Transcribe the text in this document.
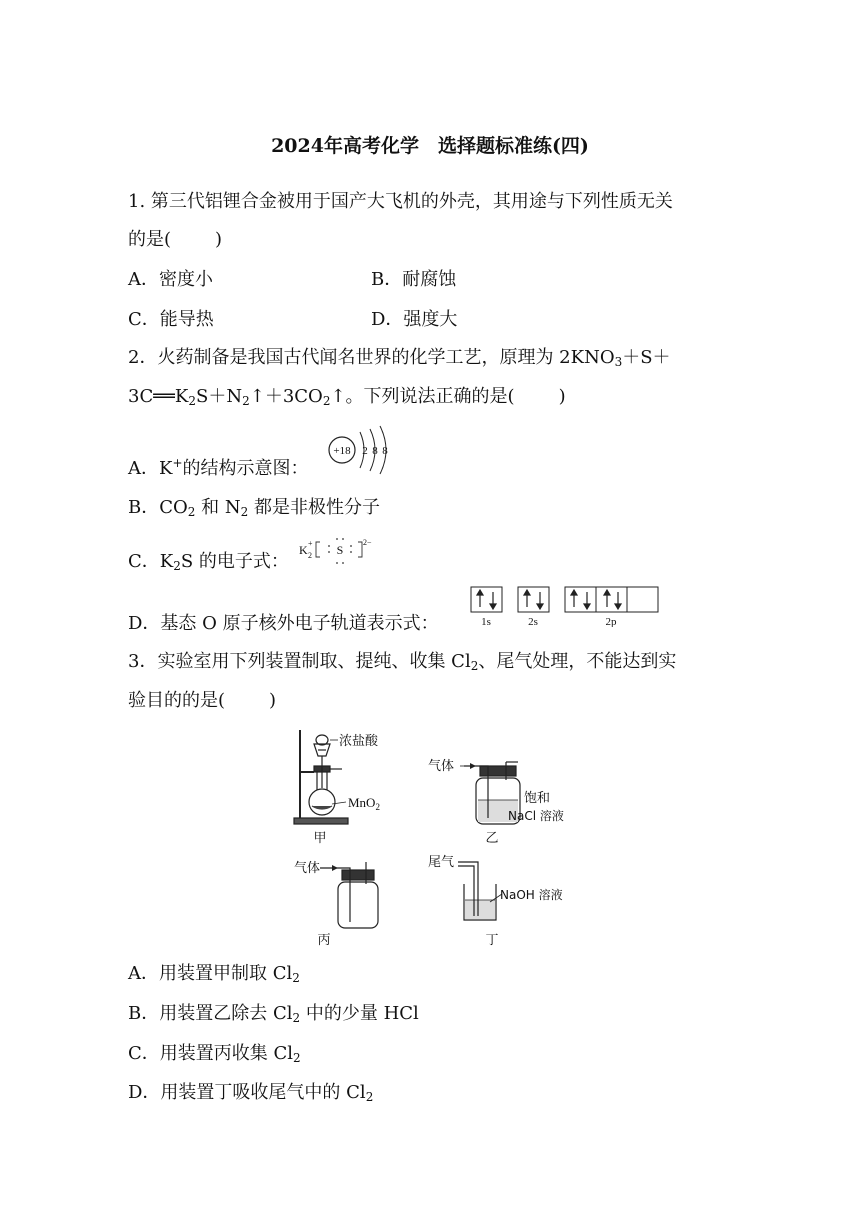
2024年高考化学　选择题标准练(四)
1. 第三代铝锂合金被用于国产大飞机的外壳，其用途与下列性质无关
的是( )
A．密度小	B．耐腐蚀
C．能导热	D．强度大
2．火药制备是我国古代闻名世界的化学工艺，原理为 $2KNO_3+S+$
$3C══K_2S+N_2↑+3CO_2↑$。下列说法正确的是( )
A．K+的结构示意图：
+18 2 8 8
B．$CO_2$ 和 $N_2$ 都是非极性分子
C．$K_2S$ 的电子式：
K +
2 S
2−
D．基态 O 原子核外电子轨道表示式：	1s	2s	2p
3．实验室用下列装置制取、提纯、收集 $Cl_2$、尾气处理，不能达到实
验目的的是( )
浓盐酸
MnO$_2$
甲
气体
饱和
NaCl 溶液
乙
气体
丙
尾气
NaOH 溶液
丁
A．用装置甲制取 $Cl_2$
B．用装置乙除去 $Cl_2$ 中的少量 HCl
C．用装置丙收集 $Cl_2$
D．用装置丁吸收尾气中的 $Cl_2$
